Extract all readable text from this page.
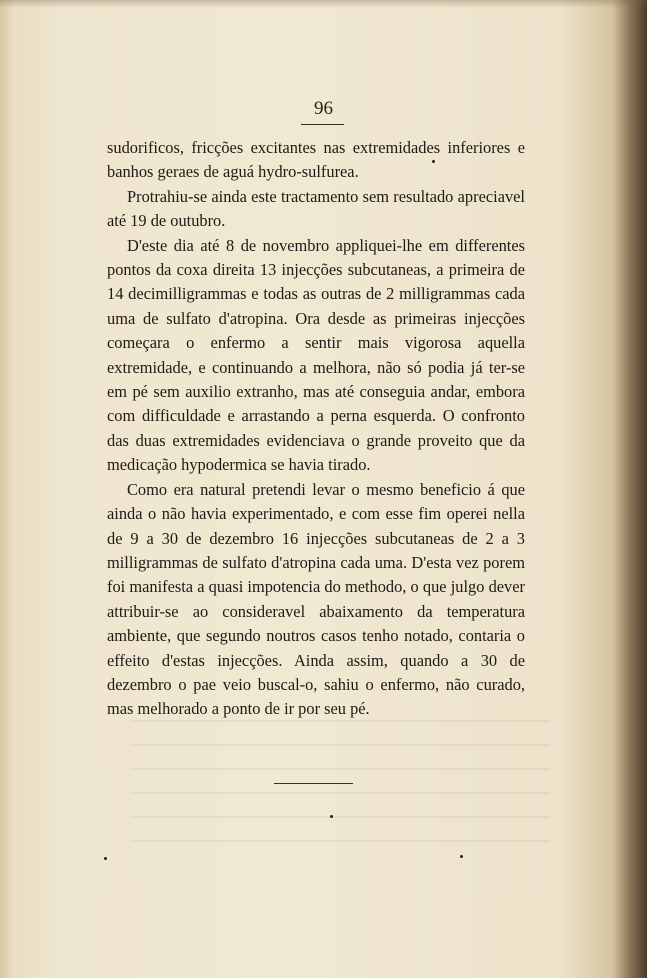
96

sudorificos, fricções excitantes nas extremidades inferiores e banhos geraes de aguá hydro-sulfurea.

Protrahiu-se ainda este tractamento sem resultado apreciavel até 19 de outubro.

D'este dia até 8 de novembro appliquei-lhe em differentes pontos da coxa direita 13 injecções subcutaneas, a primeira de 14 decimilligrammas e todas as outras de 2 milligrammas cada uma de sulfato d'atropina. Ora desde as primeiras injecções começara o enfermo a sentir mais vigorosa aquella extremidade, e continuando a melhora, não só podia já ter-se em pé sem auxilio extranho, mas até conseguia andar, embora com difficuldade e arrastando a perna esquerda. O confronto das duas extremidades evidenciava o grande proveito que da medicação hypodermica se havia tirado.

Como era natural pretendi levar o mesmo beneficio á que ainda o não havia experimentado, e com esse fim operei nella de 9 a 30 de dezembro 16 injecções subcutaneas de 2 a 3 milligrammas de sulfato d'atropina cada uma. D'esta vez porem foi manifesta a quasi impotencia do methodo, o que julgo dever attribuir-se ao consideravel abaixamento da temperatura ambiente, que segundo noutros casos tenho notado, contaria o effeito d'estas injecções. Ainda assim, quando a 30 de dezembro o pae veio buscal-o, sahiu o enfermo, não curado, mas melhorado a ponto de ir por seu pé.
